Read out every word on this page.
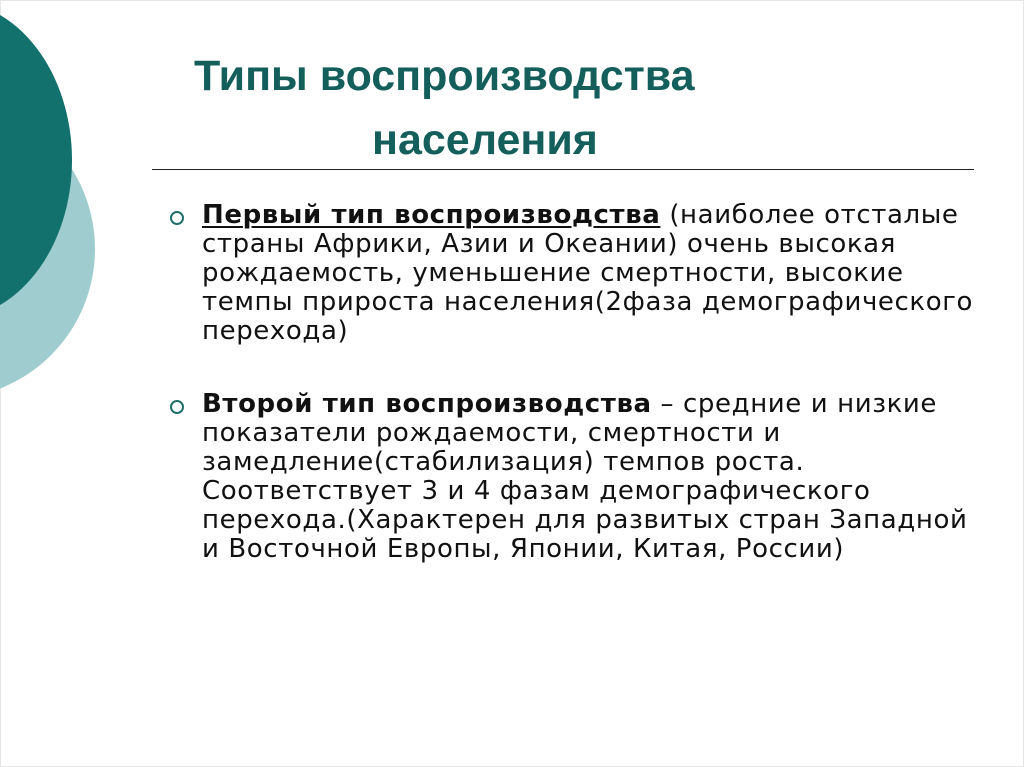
Типы воспроизводства
населения
Первый тип воспроизводства (наиболее отсталые страны Африки, Азии и Океании) очень высокая рождаемость, уменьшение смертности, высокие темпы прироста населения(2фаза демографического перехода)
Второй тип воспроизводства – средние и низкие показатели рождаемости, смертности и замедление(стабилизация) темпов роста. Соответствует 3 и 4 фазам демографического перехода.(Характерен для развитых стран Западной и Восточной Европы, Японии, Китая, России)
